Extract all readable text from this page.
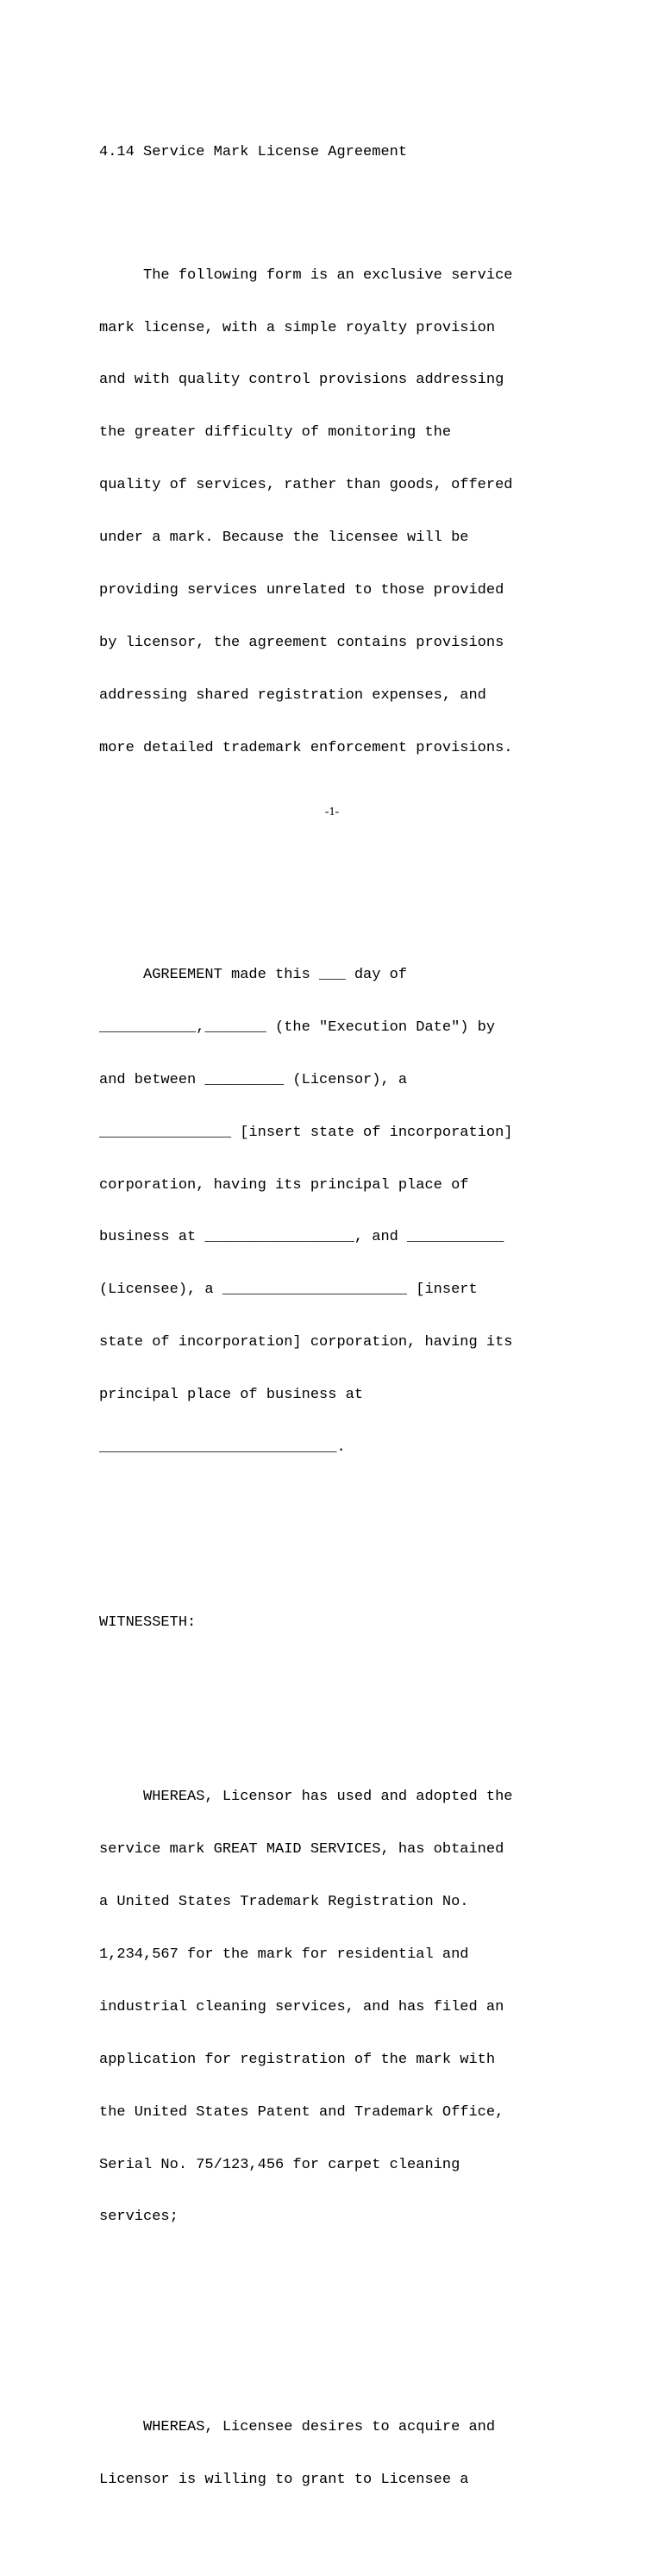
4.14 Service Mark License Agreement

The following form is an exclusive service

mark license, with a simple royalty provision

and with quality control provisions addressing

the greater difficulty of monitoring the

quality of services, rather than goods, offered

under a mark. Because the licensee will be

providing services unrelated to those provided

by licensor, the agreement contains provisions

addressing shared registration expenses, and

more detailed trademark enforcement provisions.

AGREEMENT made this ___ day of

___________,_______ (the "Execution Date") by

and between _________ (Licensor), a

_______________ [insert state of incorporation]

corporation, having its principal place of

business at _________________, and ___________

(Licensee), a _____________________ [insert

state of incorporation] corporation, having its

principal place of business at

___________________________.

WITNESSETH:

WHEREAS, Licensor has used and adopted the

service mark GREAT MAID SERVICES, has obtained

a United States Trademark Registration No.

1,234,567 for the mark for residential and

industrial cleaning services, and has filed an

application for registration of the mark with

the United States Patent and Trademark Office,

Serial No. 75/123,456 for carpet cleaning

services;

WHEREAS, Licensee desires to acquire and

Licensor is willing to grant to Licensee a

-1-
